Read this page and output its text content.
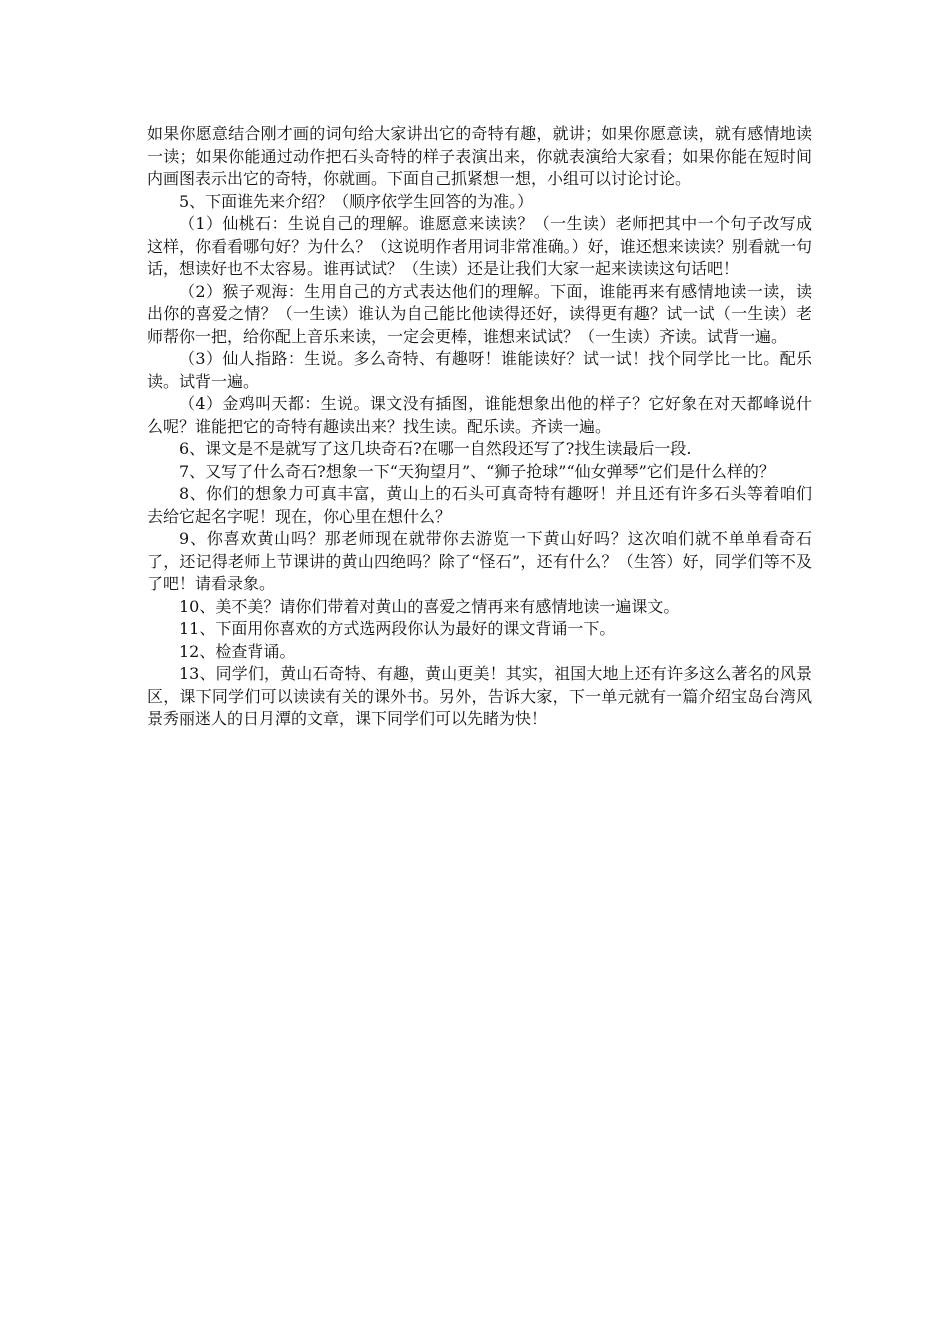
如果你愿意结合刚才画的词句给大家讲出它的奇特有趣，就讲；如果你愿意读，就有感情地读一读；如果你能通过动作把石头奇特的样子表演出来，你就表演给大家看；如果你能在短时间内画图表示出它的奇特，你就画。下面自己抓紧想一想，小组可以讨论讨论。

5、下面谁先来介绍？（顺序依学生回答的为准。）

（1）仙桃石：生说自己的理解。谁愿意来读读？（一生读）老师把其中一个句子改写成这样，你看看哪句好？为什么？（这说明作者用词非常准确。）好，谁还想来读读？别看就一句话，想读好也不太容易。谁再试试？（生读）还是让我们大家一起来读读这句话吧！

（2）猴子观海：生用自己的方式表达他们的理解。下面，谁能再来有感情地读一读，读出你的喜爱之情？（一生读）谁认为自己能比他读得还好，读得更有趣？试一试（一生读）老师帮你一把，给你配上音乐来读，一定会更棒，谁想来试试？（一生读）齐读。试背一遍。

（3）仙人指路：生说。多么奇特、有趣呀！谁能读好？试一试！找个同学比一比。配乐读。试背一遍。

（4）金鸡叫天都：生说。课文没有插图，谁能想象出他的样子？它好象在对天都峰说什么呢？谁能把它的奇特有趣读出来？找生读。配乐读。齐读一遍。

6、课文是不是就写了这几块奇石?在哪一自然段还写了?找生读最后一段.

7、又写了什么奇石?想象一下“天狗望月”、“狮子抢球”“仙女弹琴”它们是什么样的？

8、你们的想象力可真丰富，黄山上的石头可真奇特有趣呀！并且还有许多石头等着咱们去给它起名字呢！现在，你心里在想什么？

9、你喜欢黄山吗？那老师现在就带你去游览一下黄山好吗？这次咱们就不单单看奇石了，还记得老师上节课讲的黄山四绝吗？除了“怪石”，还有什么？（生答）好，同学们等不及了吧！请看录象。

10、美不美？请你们带着对黄山的喜爱之情再来有感情地读一遍课文。

11、下面用你喜欢的方式选两段你认为最好的课文背诵一下。

12、检查背诵。

13、同学们，黄山石奇特、有趣，黄山更美！其实，祖国大地上还有许多这么著名的风景区，课下同学们可以读读有关的课外书。另外，告诉大家，下一单元就有一篇介绍宝岛台湾风景秀丽迷人的日月潭的文章，课下同学们可以先睹为快！
